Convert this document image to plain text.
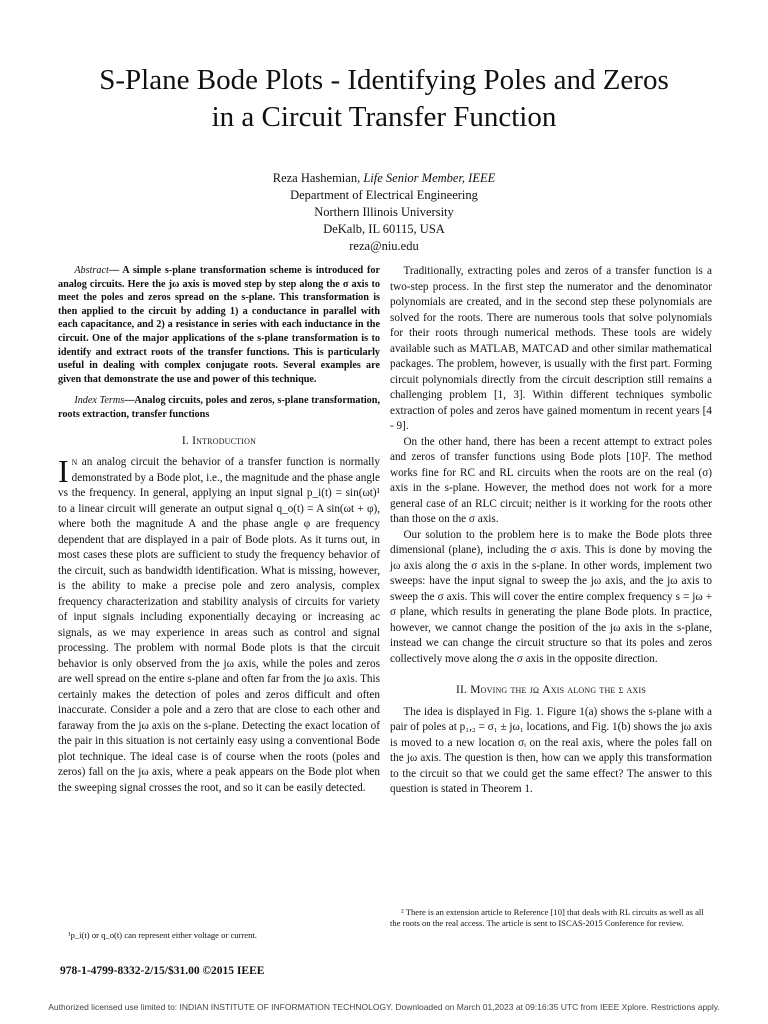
S-Plane Bode Plots - Identifying Poles and Zeros
in a Circuit Transfer Function
Reza Hashemian, Life Senior Member, IEEE
Department of Electrical Engineering
Northern Illinois University
DeKalb, IL 60115, USA
reza@niu.edu

Abstract— A simple s-plane transformation scheme is introduced for analog circuits. Here the jω axis is moved step by step along the σ axis to meet the poles and zeros spread on the s-plane. This transformation is then applied to the circuit by adding 1) a conductance in parallel with each capacitance, and 2) a resistance in series with each inductance in the circuit. One of the major applications of the s-plane transformation is to identify and extract roots of the transfer functions. This is particularly useful in dealing with complex conjugate roots. Several examples are given that demonstrate the use and power of this technique.

Index Terms—Analog circuits, poles and zeros, s-plane transformation, roots extraction, transfer functions

I. Introduction

In an analog circuit the behavior of a transfer function is normally demonstrated by a Bode plot, i.e., the magnitude and the phase angle vs the frequency. In general, applying an input signal p_i(t) = sin(ωt)¹ to a linear circuit will generate an output signal q_o(t) = A sin(ωt + φ), where both the magnitude A and the phase angle φ are frequency dependent that are displayed in a pair of Bode plots. As it turns out, in most cases these plots are sufficient to study the frequency behavior of the circuit, such as bandwidth identification. What is missing, however, is the ability to make a precise pole and zero analysis, complex frequency characterization and stability analysis of circuits for variety of input signals including exponentially decaying or increasing ac signals, as we may experience in areas such as control and signal processing. The problem with normal Bode plots is that the circuit behavior is only observed from the jω axis, while the poles and zeros are well spread on the entire s-plane and often far from the jω axis. This certainly makes the detection of poles and zeros difficult and often inaccurate. Consider a pole and a zero that are close to each other and faraway from the jω axis on the s-plane. Detecting the exact location of the pair in this situation is not certainly easy using a conventional Bode plot technique. The ideal case is of course when the roots (poles and zeros) fall on the jω axis, where a peak appears on the Bode plot when the sweeping signal crosses the root, and so it can be easily detected.

Traditionally, extracting poles and zeros of a transfer function is a two-step process. In the first step the numerator and the denominator polynomials are created, and in the second step these polynomials are solved for the roots. There are numerous tools that solve polynomials for their roots through numerical methods. These tools are widely available such as MATLAB, MATCAD and other similar mathematical packages. The problem, however, is usually with the first part. Forming circuit polynomials directly from the circuit description still remains a challenging problem [1, 3]. Within different techniques symbolic extraction of poles and zeros have gained momentum in recent years [4 - 9].

On the other hand, there has been a recent attempt to extract poles and zeros of transfer functions using Bode plots [10]². The method works fine for RC and RL circuits when the roots are on the real (σ) axis in the s-plane. However, the method does not work for a more general case of an RLC circuit; neither is it working for the roots other than those on the σ axis.

Our solution to the problem here is to make the Bode plots three dimensional (plane), including the σ axis. This is done by moving the jω axis along the σ axis in the s-plane. In other words, implement two sweeps: have the input signal to sweep the jω axis, and the jω axis to sweep the σ axis. This will cover the entire complex frequency s = jω + σ plane, which results in generating the plane Bode plots. In practice, however, we cannot change the position of the jω axis in the s-plane, instead we can change the circuit structure so that its poles and zeros collectively move along the σ axis in the opposite direction.

II. Moving the jω Axis along the σ axis

The idea is displayed in Fig. 1. Figure 1(a) shows the s-plane with a pair of poles at p₁,₂ = σ₁ ± jω₁ locations, and Fig. 1(b) shows the jω axis is moved to a new location σᵢ on the real axis, where the poles fall on the jω axis. The question is then, how can we apply this transformation to the circuit so that we could get the same effect? The answer to this question is stated in Theorem 1.

² There is an extension article to Reference [10] that deals with RL circuits as well as all the roots on the real access. The article is sent to ISCAS-2015 Conference for review.
¹p_i(t) or q_o(t) can represent either voltage or current.
978-1-4799-8332-2/15/$31.00 ©2015 IEEE
Authorized licensed use limited to: INDIAN INSTITUTE OF INFORMATION TECHNOLOGY. Downloaded on March 01,2023 at 09:16:35 UTC from IEEE Xplore. Restrictions apply.
